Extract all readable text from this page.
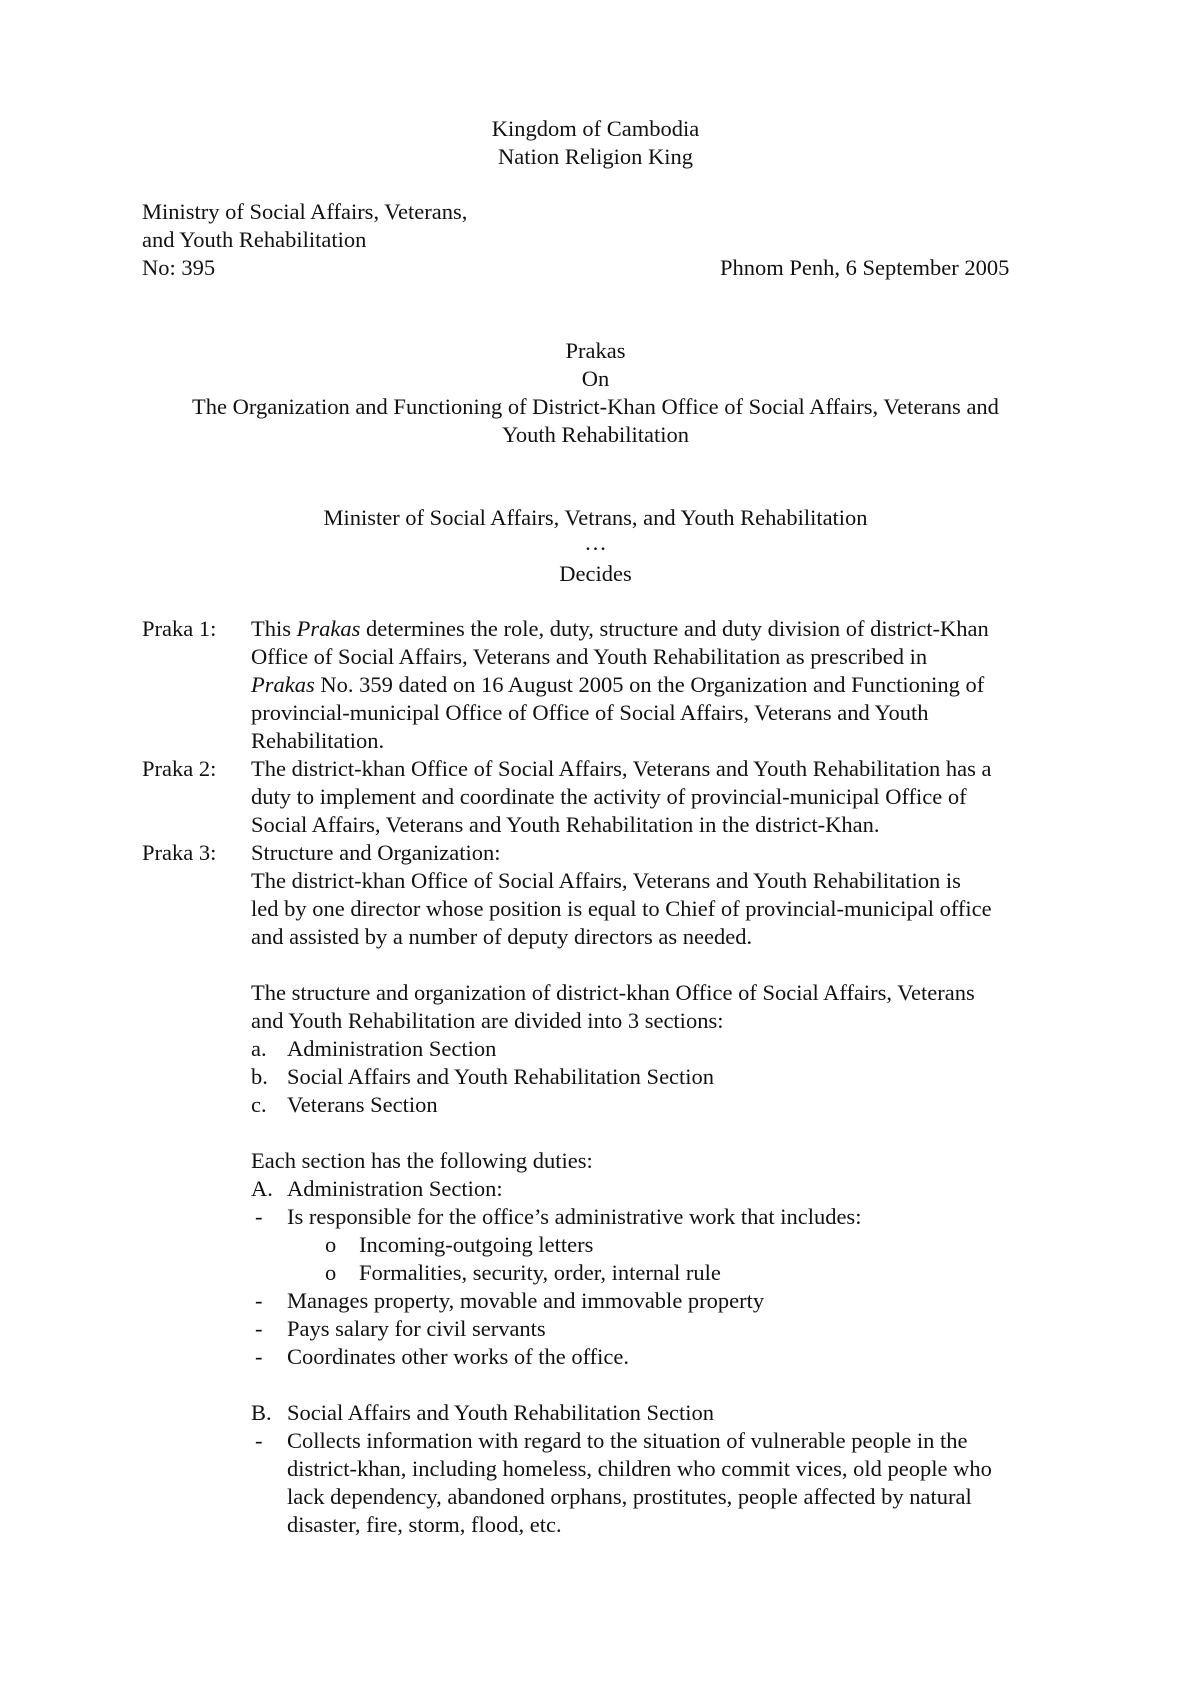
Kingdom of Cambodia
Nation Religion King
Ministry of Social Affairs, Veterans,
and Youth Rehabilitation
No: 395	Phnom Penh, 6 September 2005
Prakas
On
The Organization and Functioning of District-Khan Office of Social Affairs, Veterans and
Youth Rehabilitation
Minister of Social Affairs, Vetrans, and Youth Rehabilitation
…
Decides
Praka 1: This Prakas determines the role, duty, structure and duty division of district-Khan
Office of Social Affairs, Veterans and Youth Rehabilitation as prescribed in
Prakas No. 359 dated on 16 August 2005 on the Organization and Functioning of
provincial-municipal Office of Office of Social Affairs, Veterans and Youth
Rehabilitation.
Praka 2: The district-khan Office of Social Affairs, Veterans and Youth Rehabilitation has a
duty to implement and coordinate the activity of provincial-municipal Office of
Social Affairs, Veterans and Youth Rehabilitation in the district-Khan.
Praka 3: Structure and Organization:
The district-khan Office of Social Affairs, Veterans and Youth Rehabilitation is
led by one director whose position is equal to Chief of provincial-municipal office
and assisted by a number of deputy directors as needed.
The structure and organization of district-khan Office of Social Affairs, Veterans
and Youth Rehabilitation are divided into 3 sections:
a. Administration Section
b. Social Affairs and Youth Rehabilitation Section
c. Veterans Section
Each section has the following duties:
A. Administration Section:
- Is responsible for the office’s administrative work that includes:
o Incoming-outgoing letters
o Formalities, security, order, internal rule
- Manages property, movable and immovable property
- Pays salary for civil servants
- Coordinates other works of the office.
B. Social Affairs and Youth Rehabilitation Section
- Collects information with regard to the situation of vulnerable people in the
district-khan, including homeless, children who commit vices, old people who
lack dependency, abandoned orphans, prostitutes, people affected by natural
disaster, fire, storm, flood, etc.
